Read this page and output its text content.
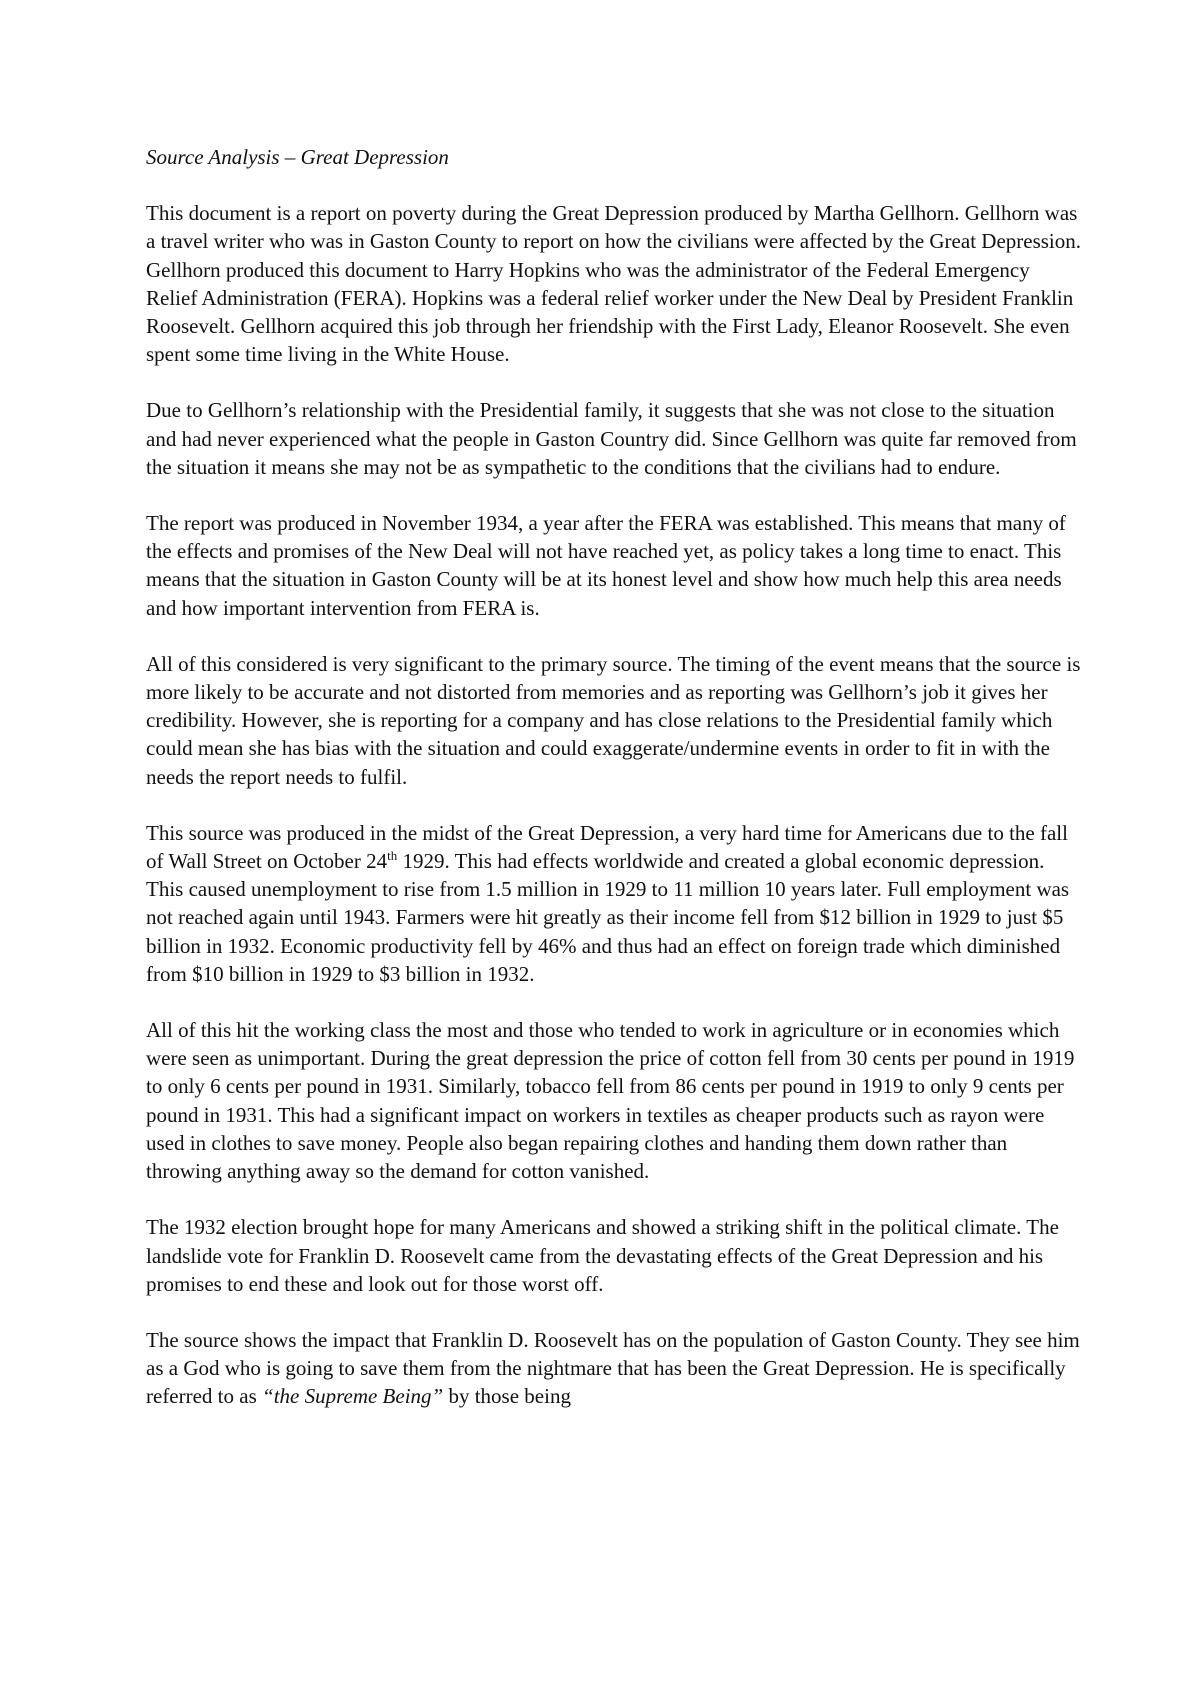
Source Analysis – Great Depression

This document is a report on poverty during the Great Depression produced by Martha Gellhorn. Gellhorn was a travel writer who was in Gaston County to report on how the civilians were affected by the Great Depression. Gellhorn produced this document to Harry Hopkins who was the administrator of the Federal Emergency Relief Administration (FERA). Hopkins was a federal relief worker under the New Deal by President Franklin Roosevelt. Gellhorn acquired this job through her friendship with the First Lady, Eleanor Roosevelt. She even spent some time living in the White House.

Due to Gellhorn’s relationship with the Presidential family, it suggests that she was not close to the situation and had never experienced what the people in Gaston Country did. Since Gellhorn was quite far removed from the situation it means she may not be as sympathetic to the conditions that the civilians had to endure.

The report was produced in November 1934, a year after the FERA was established. This means that many of the effects and promises of the New Deal will not have reached yet, as policy takes a long time to enact. This means that the situation in Gaston County will be at its honest level and show how much help this area needs and how important intervention from FERA is.

All of this considered is very significant to the primary source. The timing of the event means that the source is more likely to be accurate and not distorted from memories and as reporting was Gellhorn’s job it gives her credibility. However, she is reporting for a company and has close relations to the Presidential family which could mean she has bias with the situation and could exaggerate/undermine events in order to fit in with the needs the report needs to fulfil.

This source was produced in the midst of the Great Depression, a very hard time for Americans due to the fall of Wall Street on October 24th 1929. This had effects worldwide and created a global economic depression. This caused unemployment to rise from 1.5 million in 1929 to 11 million 10 years later. Full employment was not reached again until 1943. Farmers were hit greatly as their income fell from $12 billion in 1929 to just $5 billion in 1932. Economic productivity fell by 46% and thus had an effect on foreign trade which diminished from $10 billion in 1929 to $3 billion in 1932.

All of this hit the working class the most and those who tended to work in agriculture or in economies which were seen as unimportant. During the great depression the price of cotton fell from 30 cents per pound in 1919 to only 6 cents per pound in 1931. Similarly, tobacco fell from 86 cents per pound in 1919 to only 9 cents per pound in 1931. This had a significant impact on workers in textiles as cheaper products such as rayon were used in clothes to save money. People also began repairing clothes and handing them down rather than throwing anything away so the demand for cotton vanished.

The 1932 election brought hope for many Americans and showed a striking shift in the political climate. The landslide vote for Franklin D. Roosevelt came from the devastating effects of the Great Depression and his promises to end these and look out for those worst off.

The source shows the impact that Franklin D. Roosevelt has on the population of Gaston County. They see him as a God who is going to save them from the nightmare that has been the Great Depression. He is specifically referred to as “the Supreme Being” by those being
